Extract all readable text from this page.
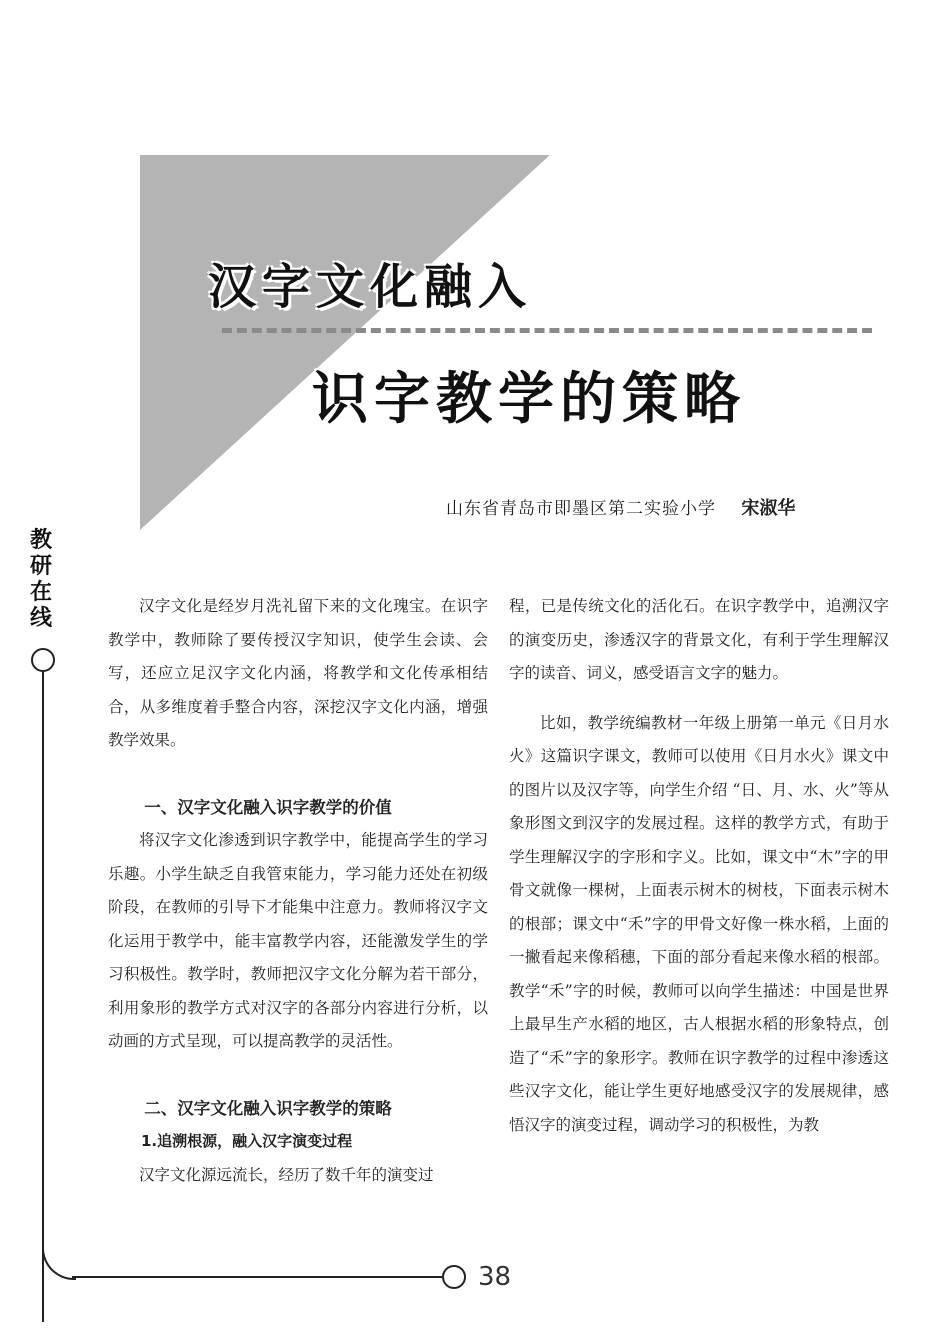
汉字文化融入
识字教学的策略
山东省青岛市即墨区第二实验小学 宋淑华
教
研
在
线
38

汉字文化是经岁月洗礼留下来的文化瑰宝。在识字教学中，教师除了要传授汉字知识，使学生会读、会写，还应立足汉字文化内涵，将教学和文化传承相结合，从多维度着手整合内容，深挖汉字文化内涵，增强教学效果。

一、汉字文化融入识字教学的价值

将汉字文化渗透到识字教学中，能提高学生的学习乐趣。小学生缺乏自我管束能力，学习能力还处在初级阶段，在教师的引导下才能集中注意力。教师将汉字文化运用于教学中，能丰富教学内容，还能激发学生的学习积极性。教学时，教师把汉字文化分解为若干部分，利用象形的教学方式对汉字的各部分内容进行分析，以动画的方式呈现，可以提高教学的灵活性。

二、汉字文化融入识字教学的策略

1.追溯根源，融入汉字演变过程

汉字文化源远流长，经历了数千年的演变过

程，已是传统文化的活化石。在识字教学中，追溯汉字的演变历史，渗透汉字的背景文化，有利于学生理解汉字的读音、词义，感受语言文字的魅力。

比如，教学统编教材一年级上册第一单元《日月水火》这篇识字课文，教师可以使用《日月水火》课文中的图片以及汉字等，向学生介绍 “日、月、水、火”等从象形图文到汉字的发展过程。这样的教学方式，有助于学生理解汉字的字形和字义。比如，课文中“木”字的甲骨文就像一棵树，上面表示树木的树枝，下面表示树木的根部；课文中“禾”字的甲骨文好像一株水稻，上面的一撇看起来像稻穗，下面的部分看起来像水稻的根部。教学“禾”字的时候，教师可以向学生描述：中国是世界上最早生产水稻的地区，古人根据水稻的形象特点，创造了“禾”字的象形字。教师在识字教学的过程中渗透这些汉字文化，能让学生更好地感受汉字的发展规律，感悟汉字的演变过程，调动学习的积极性，为教
